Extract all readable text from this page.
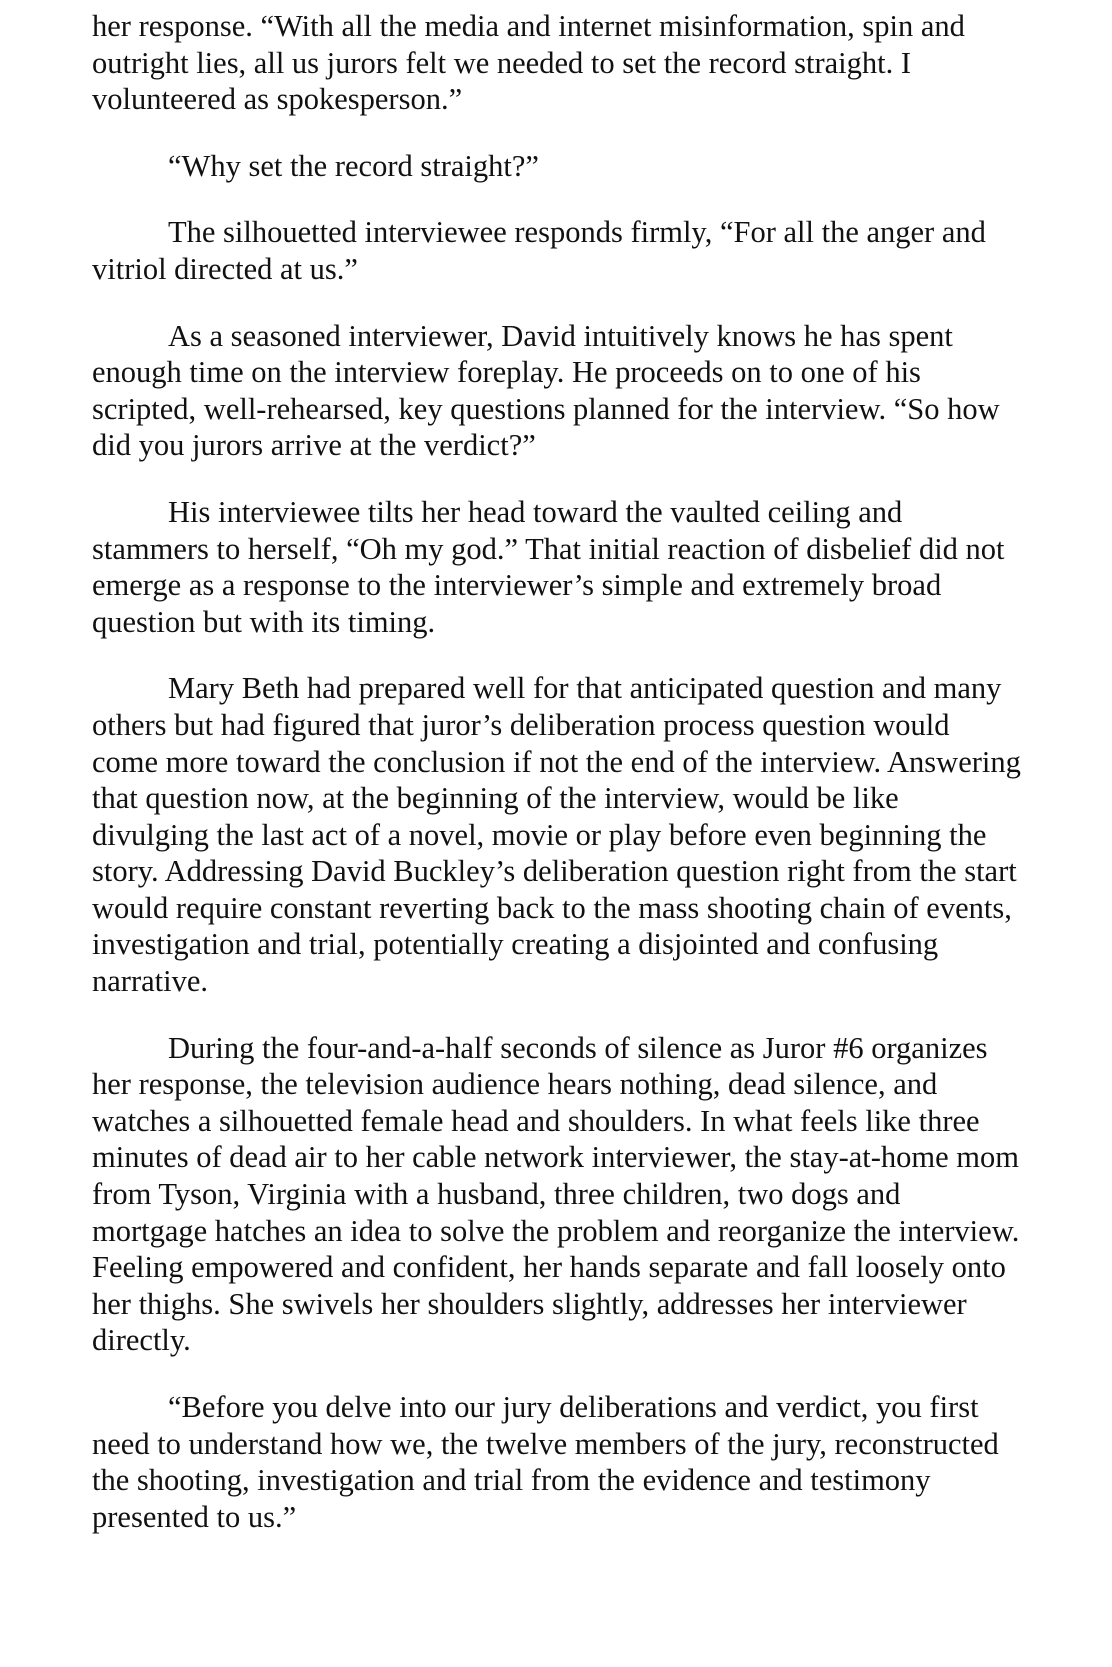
her response. “With all the media and internet misinformation, spin and outright lies, all us jurors felt we needed to set the record straight. I volunteered as spokesperson.”

“Why set the record straight?”

The silhouetted interviewee responds firmly, “For all the anger and vitriol directed at us.”

As a seasoned interviewer, David intuitively knows he has spent enough time on the interview foreplay. He proceeds on to one of his scripted, well-rehearsed, key questions planned for the interview. “So how did you jurors arrive at the verdict?”

His interviewee tilts her head toward the vaulted ceiling and stammers to herself, “Oh my god.” That initial reaction of disbelief did not emerge as a response to the interviewer’s simple and extremely broad question but with its timing.

Mary Beth had prepared well for that anticipated question and many others but had figured that juror’s deliberation process question would come more toward the conclusion if not the end of the interview. Answering that question now, at the beginning of the interview, would be like divulging the last act of a novel, movie or play before even beginning the story. Addressing David Buckley’s deliberation question right from the start would require constant reverting back to the mass shooting chain of events, investigation and trial, potentially creating a disjointed and confusing narrative.

During the four-and-a-half seconds of silence as Juror #6 organizes her response, the television audience hears nothing, dead silence, and watches a silhouetted female head and shoulders. In what feels like three minutes of dead air to her cable network interviewer, the stay-at-home mom from Tyson, Virginia with a husband, three children, two dogs and mortgage hatches an idea to solve the problem and reorganize the interview. Feeling empowered and confident, her hands separate and fall loosely onto her thighs. She swivels her shoulders slightly, addresses her interviewer directly.

“Before you delve into our jury deliberations and verdict, you first need to understand how we, the twelve members of the jury, reconstructed the shooting, investigation and trial from the evidence and testimony presented to us.”
